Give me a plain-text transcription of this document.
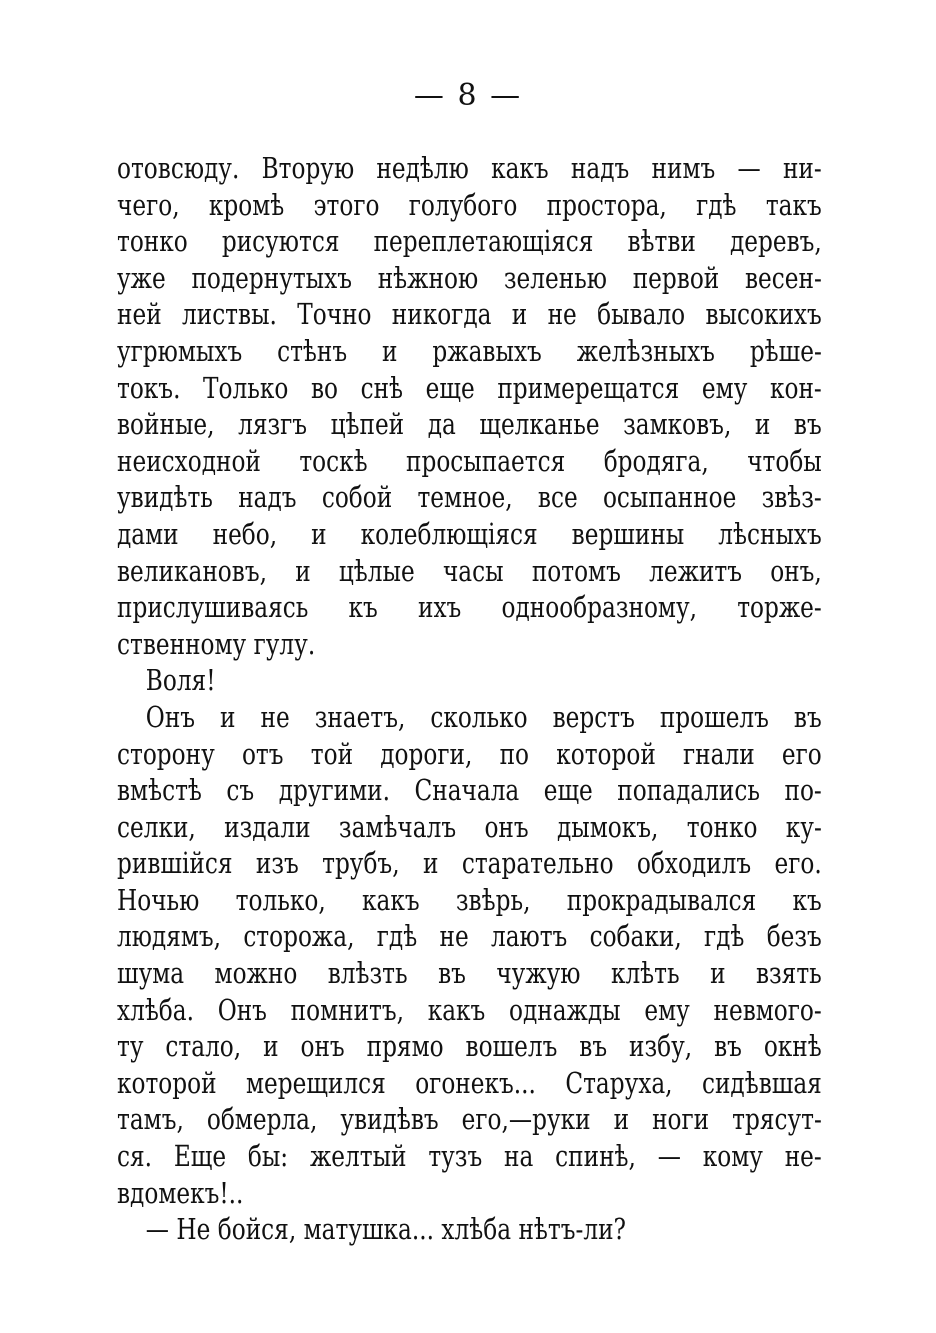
— 8 —
отовсюду. Вторую недѣлю какъ надъ нимъ — ни-
чего, кромѣ этого голубого простора, гдѣ такъ
тонко рисуются переплетающіяся вѣтви деревъ,
уже подернутыхъ нѣжною зеленью первой весен-
ней листвы. Точно никогда и не бывало высокихъ
угрюмыхъ стѣнъ и ржавыхъ желѣзныхъ рѣше-
токъ. Только во снѣ еще примерещатся ему кон-
войные, лязгъ цѣпей да щелканье замковъ, и въ
неисходной тоскѣ просыпается бродяга, чтобы
увидѣть надъ собой темное, все осыпанное звѣз-
дами небо, и колеблющіяся вершины лѣсныхъ
великановъ, и цѣлые часы потомъ лежитъ онъ,
прислушиваясь къ ихъ однообразному, торже-
ственному гулу.
Воля!
Онъ и не знаетъ, сколько верстъ прошелъ въ
сторону отъ той дороги, по которой гнали его
вмѣстѣ съ другими. Сначала еще попадались по-
селки, издали замѣчалъ онъ дымокъ, тонко ку-
рившійся изъ трубъ, и старательно обходилъ его.
Ночью только, какъ звѣрь, прокрадывался къ
людямъ, сторожа, гдѣ не лаютъ собаки, гдѣ безъ
шума можно влѣзть въ чужую клѣть и взять
хлѣба. Онъ помнитъ, какъ однажды ему невмого-
ту стало, и онъ прямо вошелъ въ избу, въ окнѣ
которой мерещился огонекъ... Старуха, сидѣвшая
тамъ, обмерла, увидѣвъ его,—руки и ноги трясут-
ся. Еще бы: желтый тузъ на спинѣ, — кому не-
вдомекъ!..
— Не бойся, матушка... хлѣба нѣтъ-ли?
